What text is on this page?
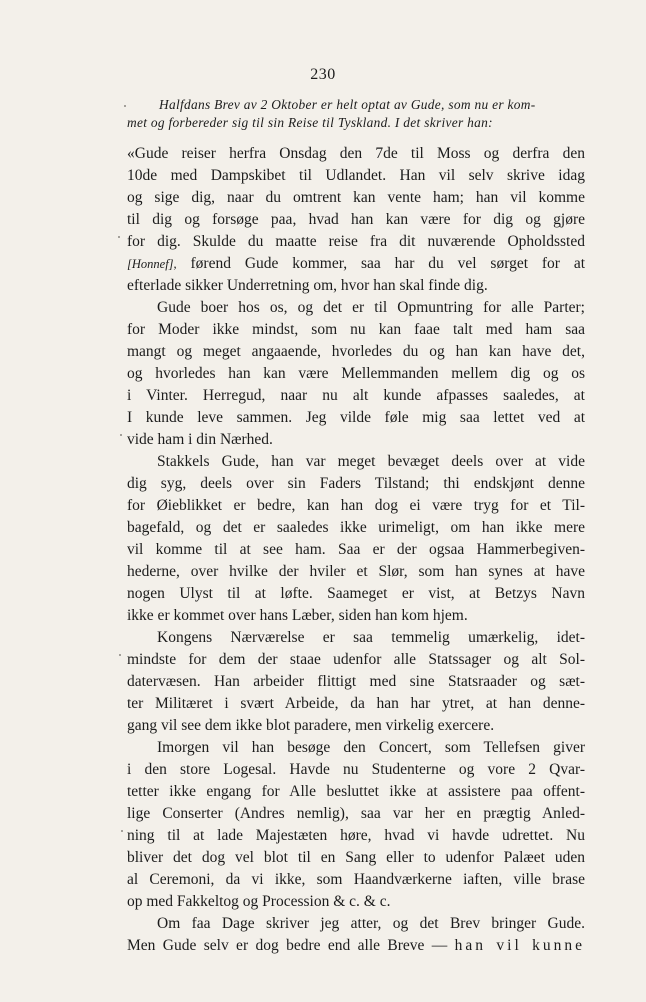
230
Halfdans Brev av 2 Oktober er helt optat av Gude, som nu er kom-
met og forbereder sig til sin Reise til Tyskland. I det skriver han:
«Gude reiser herfra Onsdag den 7de til Moss og derfra den
10de med Dampskibet til Udlandet. Han vil selv skrive idag
og sige dig, naar du omtrent kan vente ham; han vil komme
til dig og forsøge paa, hvad han kan være for dig og gjøre
for dig. Skulde du maatte reise fra dit nuværende Opholdssted
[Honnef], førend Gude kommer, saa har du vel sørget for at
efterlade sikker Underretning om, hvor han skal finde dig.
Gude boer hos os, og det er til Opmuntring for alle Parter;
for Moder ikke mindst, som nu kan faae talt med ham saa
mangt og meget angaaende, hvorledes du og han kan have det,
og hvorledes han kan være Mellemmanden mellem dig og os
i Vinter. Herregud, naar nu alt kunde afpasses saaledes, at
I kunde leve sammen. Jeg vilde føle mig saa lettet ved at
vide ham i din Nærhed.
Stakkels Gude, han var meget bevæget deels over at vide
dig syg, deels over sin Faders Tilstand; thi endskjønt denne
for Øieblikket er bedre, kan han dog ei være tryg for et Til-
bagefald, og det er saaledes ikke urimeligt, om han ikke mere
vil komme til at see ham. Saa er der ogsaa Hammerbegiven-
hederne, over hvilke der hviler et Slør, som han synes at have
nogen Ulyst til at løfte. Saameget er vist, at Betzys Navn
ikke er kommet over hans Læber, siden han kom hjem.
Kongens Nærværelse er saa temmelig umærkelig, idet-
mindste for dem der staae udenfor alle Statssager og alt Sol-
datervæsen. Han arbeider flittigt med sine Statsraader og sæt-
ter Militæret i svært Arbeide, da han har ytret, at han denne-
gang vil see dem ikke blot paradere, men virkelig exercere.
Imorgen vil han besøge den Concert, som Tellefsen giver
i den store Logesal. Havde nu Studenterne og vore 2 Qvar-
tetter ikke engang for Alle besluttet ikke at assistere paa offent-
lige Conserter (Andres nemlig), saa var her en prægtig Anled-
ning til at lade Majestæten høre, hvad vi havde udrettet. Nu
bliver det dog vel blot til en Sang eller to udenfor Palæet uden
al Ceremoni, da vi ikke, som Haandværkerne iaften, ville brase
op med Fakkeltog og Procession & c. & c.
Om faa Dage skriver jeg atter, og det Brev bringer Gude.
Men Gude selv er dog bedre end alle Breve — han vil kunne
